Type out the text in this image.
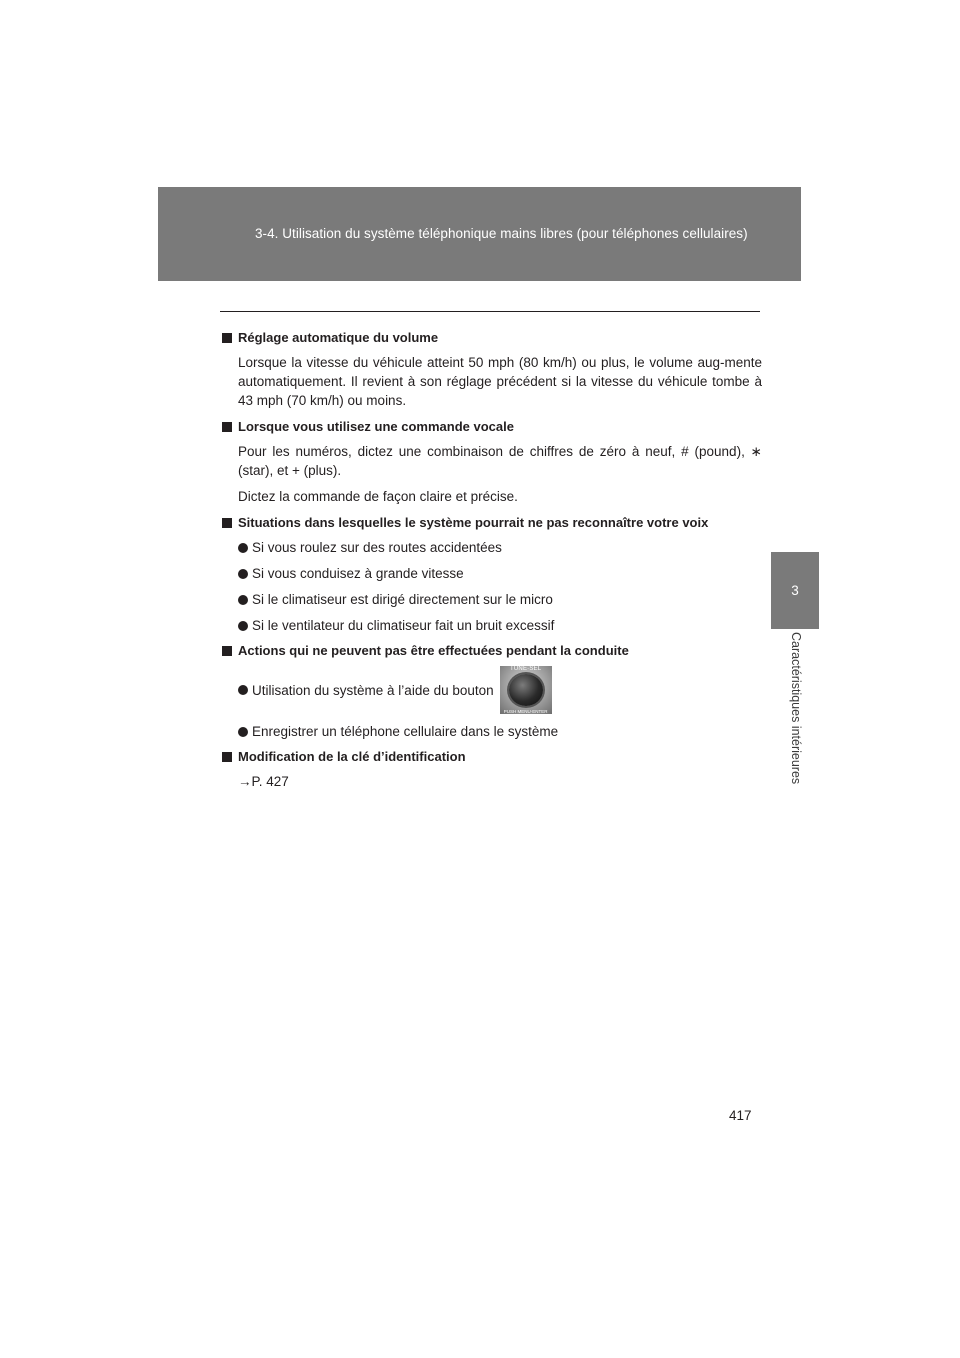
3-4. Utilisation du système téléphonique mains libres (pour téléphones cellulaires)
3
Caractéristiques intérieures
Réglage automatique du volume

Lorsque la vitesse du véhicule atteint 50 mph (80 km/h) ou plus, le volume aug-mente automatiquement. Il revient à son réglage précédent si la vitesse du véhicule tombe à 43 mph (70 km/h) ou moins.

Lorsque vous utilisez une commande vocale

Pour les numéros, dictez une combinaison de chiffres de zéro à neuf, # (pound), ∗ (star), et + (plus).

Dictez la commande de façon claire et précise.

Situations dans lesquelles le système pourrait ne pas reconnaître votre voix
Si vous roulez sur des routes accidentées
Si vous conduisez à grande vitesse
Si le climatiseur est dirigé directement sur le micro
Si le ventilateur du climatiseur fait un bruit excessif
Actions qui ne peuvent pas être effectuées pendant la conduite
Utilisation du système à l’aide du bouton
TUNE·SEL
PUSH MENU·ENTER
Enregistrer un téléphone cellulaire dans le système
Modification de la clé d’identification

→P. 427

417
